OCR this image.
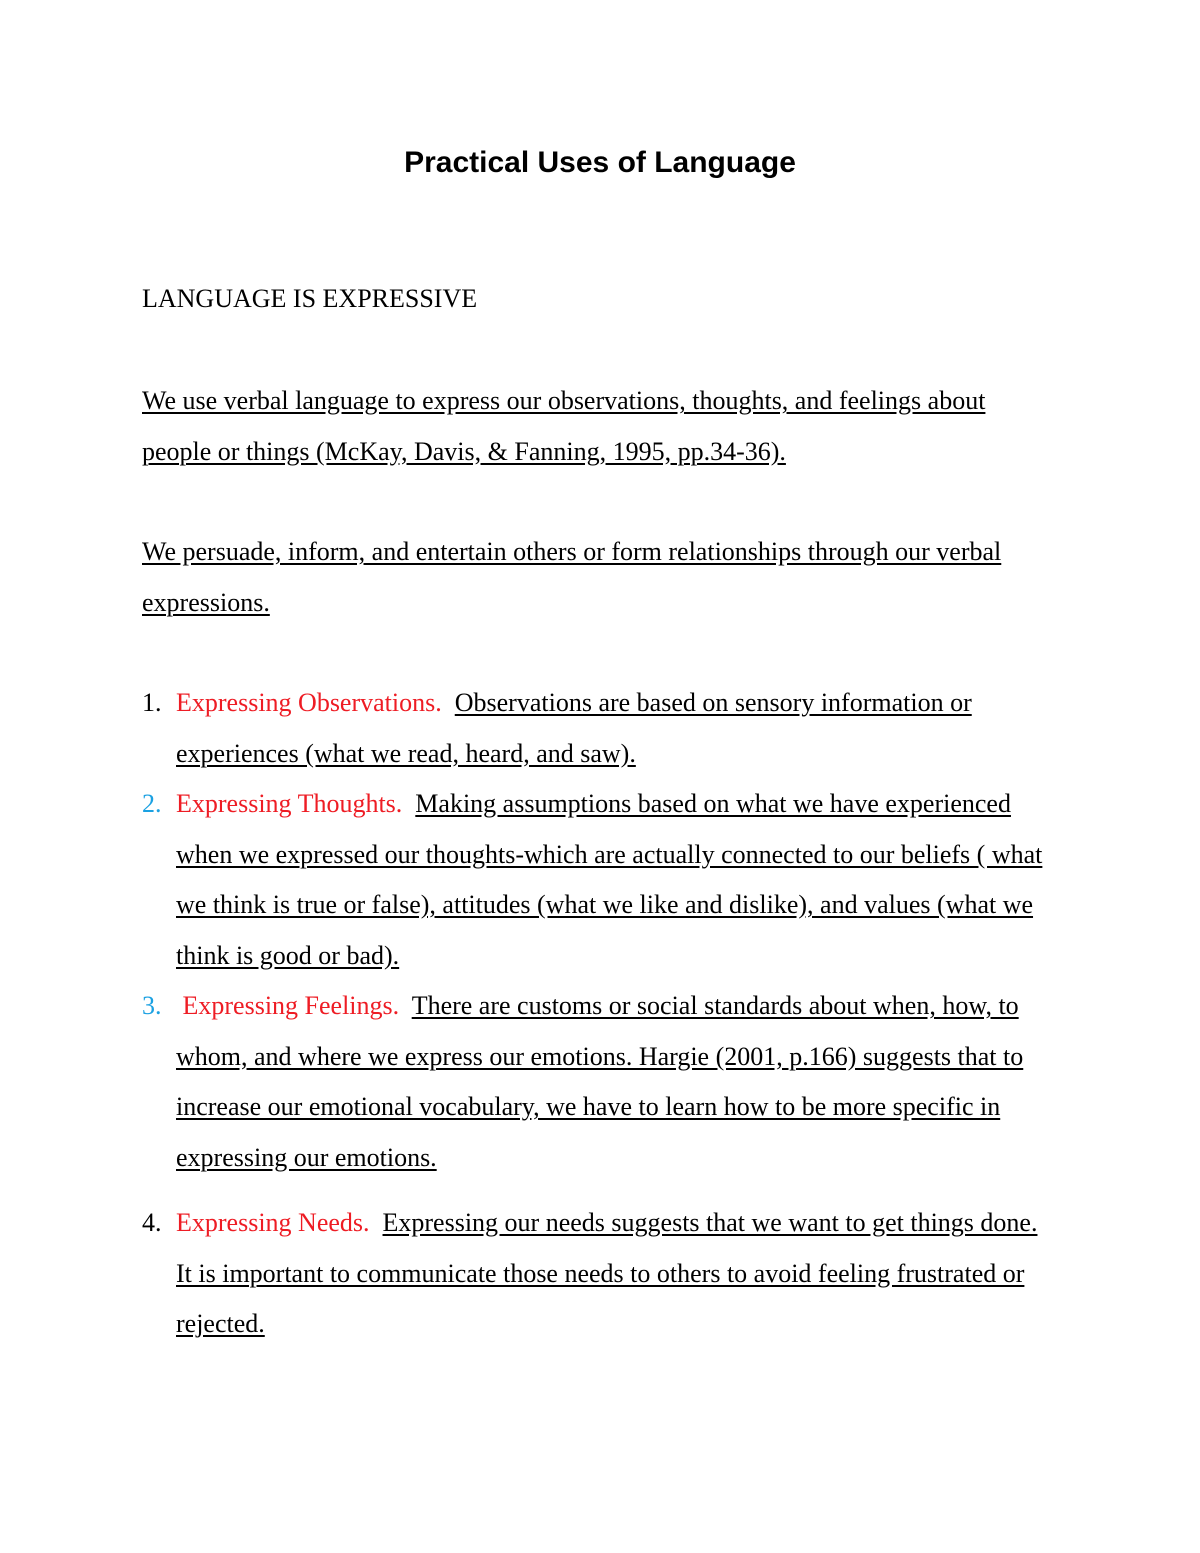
Practical Uses of Language
LANGUAGE IS EXPRESSIVE

We use verbal language to express our observations, thoughts, and feelings about people or things (McKay, Davis, & Fanning, 1995, pp.34-36).

We persuade, inform, and entertain others or form relationships through our verbal expressions.

1. Expressing Observations. Observations are based on sensory information or experiences (what we read, heard, and saw).
2. Expressing Thoughts. Making assumptions based on what we have experienced when we expressed our thoughts-which are actually connected to our beliefs ( what we think is true or false), attitudes (what we like and dislike), and values (what we think is good or bad).
3. Expressing Feelings. There are customs or social standards about when, how, to whom, and where we express our emotions. Hargie (2001, p.166) suggests that to increase our emotional vocabulary, we have to learn how to be more specific in expressing our emotions.
4. Expressing Needs. Expressing our needs suggests that we want to get things done. It is important to communicate those needs to others to avoid feeling frustrated or rejected.
